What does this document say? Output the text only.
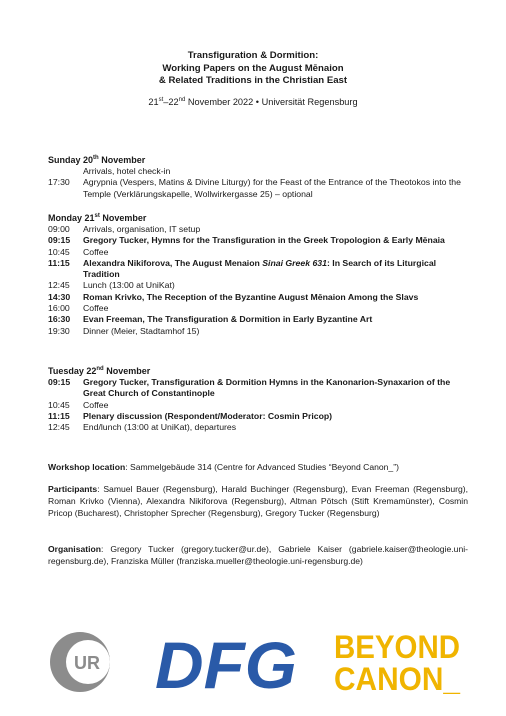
Transfiguration & Dormition:
Working Papers on the August Mēnaion
& Related Traditions in the Christian East
21st–22nd November 2022 • Universität Regensburg
Sunday 20th November
Arrivals, hotel check-in
17:30	Agrypnia (Vespers, Matins & Divine Liturgy) for the Feast of the Entrance of the Theotokos into the Temple (Verklärungskapelle, Wollwirkergasse 25) – optional
Monday 21st November
09:00	Arrivals, organisation, IT setup
09:15	Gregory Tucker, Hymns for the Transfiguration in the Greek Tropologion & Early Mēnaia
10:45	Coffee
11:15	Alexandra Nikiforova, The August Menaion Sinai Greek 631: In Search of its Liturgical Tradition
12:45	Lunch (13:00 at UniKat)
14:30	Roman Krivko, The Reception of the Byzantine August Mēnaion Among the Slavs
16:00	Coffee
16:30	Evan Freeman, The Transfiguration & Dormition in Early Byzantine Art
19:30	Dinner (Meier, Stadtamhof 15)
Tuesday 22nd November
09:15	Gregory Tucker, Transfiguration & Dormition Hymns in the Kanonarion-Synaxarion of the Great Church of Constantinople
10:45	Coffee
11:15	Plenary discussion (Respondent/Moderator: Cosmin Pricop)
12:45	End/lunch (13:00 at UniKat), departures
Workshop location: Sammelgebäude 314 (Centre for Advanced Studies “Beyond Canon_”)
Participants: Samuel Bauer (Regensburg), Harald Buchinger (Regensburg), Evan Freeman (Regensburg), Roman Krivko (Vienna), Alexandra Nikiforova (Regensburg), Altman Pötsch (Stift Kremamünster), Cosmin Pricop (Bucharest), Christopher Sprecher (Regensburg), Gregory Tucker (Regensburg)
Organisation: Gregory Tucker (gregory.tucker@ur.de), Gabriele Kaiser (gabriele.kaiser@theologie.uni-regensburg.de), Franziska Müller (franziska.mueller@theologie.uni-regensburg.de)
UR DFG BEYOND
CANON_
